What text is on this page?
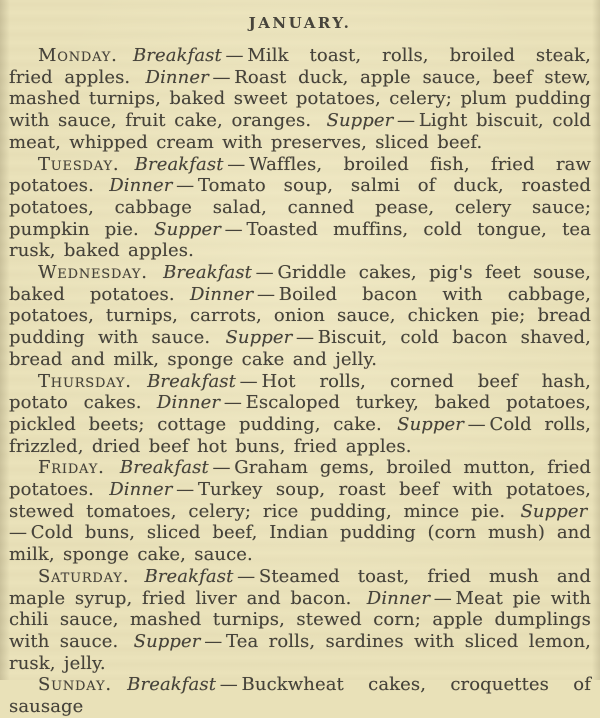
JANUARY.

Monday. Breakfast — Milk toast, rolls, broiled steak, fried apples. Dinner — Roast duck, apple sauce, beef stew, mashed turnips, baked sweet potatoes, celery; plum pudding with sauce, fruit cake, oranges. Supper — Light biscuit, cold meat, whipped cream with preserves, sliced beef.

Tuesday. Breakfast — Waffles, broiled fish, fried raw potatoes. Dinner — Tomato soup, salmi of duck, roasted potatoes, cabbage salad, canned pease, celery sauce; pumpkin pie. Supper — Toasted muffins, cold tongue, tea rusk, baked apples.

Wednesday. Breakfast — Griddle cakes, pig's feet souse, baked potatoes. Dinner — Boiled bacon with cabbage, potatoes, turnips, carrots, onion sauce, chicken pie; bread pudding with sauce. Supper — Biscuit, cold bacon shaved, bread and milk, sponge cake and jelly.

Thursday. Breakfast — Hot rolls, corned beef hash, potato cakes. Dinner — Escaloped turkey, baked potatoes, pickled beets; cottage pudding, cake. Supper — Cold rolls, frizzled, dried beef hot buns, fried apples.

Friday. Breakfast — Graham gems, broiled mutton, fried potatoes. Dinner — Turkey soup, roast beef with potatoes, stewed tomatoes, celery; rice pudding, mince pie. Supper — Cold buns, sliced beef, Indian pudding (corn mush) and milk, sponge cake, sauce.

Saturday. Breakfast — Steamed toast, fried mush and maple syrup, fried liver and bacon. Dinner — Meat pie with chili sauce, mashed turnips, stewed corn; apple dumplings with sauce. Supper — Tea rolls, sardines with sliced lemon, rusk, jelly.

Sunday. Breakfast — Buckwheat cakes, croquettes of sausage
